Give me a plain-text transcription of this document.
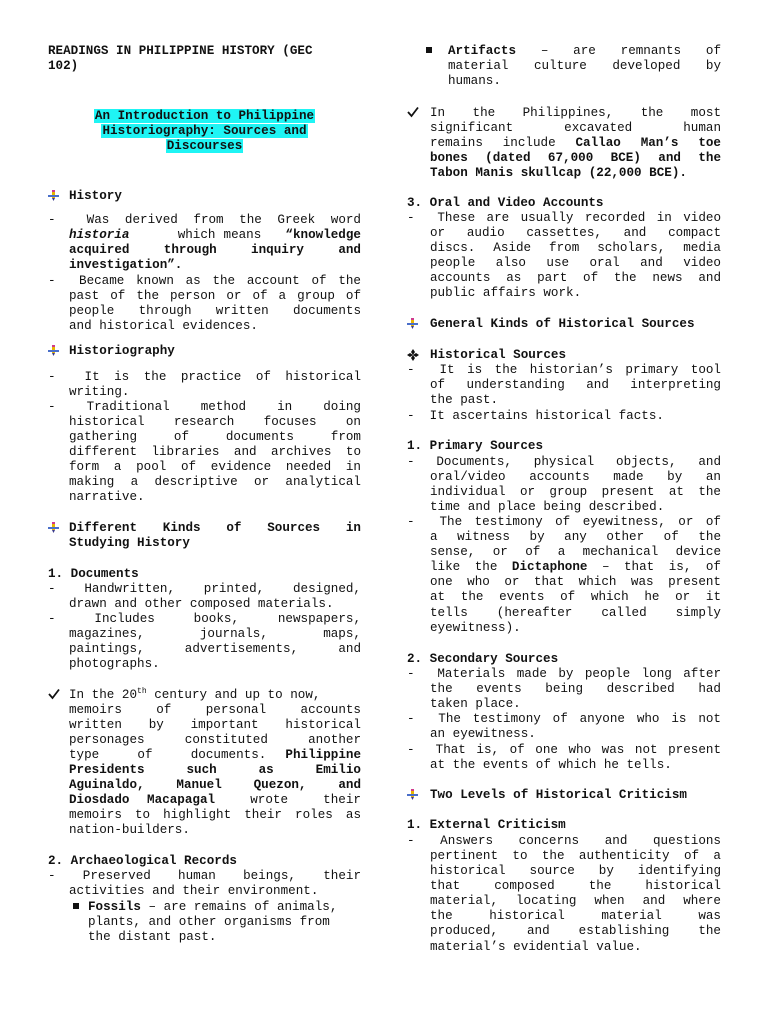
READINGS IN PHILIPPINE HISTORY (GEC
102)
An Introduction to Philippine
Historiography: Sources and
Discourses
History
-  Was derived from the Greek word
historia	which means “knowledge
acquired   through   inquiry   and
investigation”.
-  Became known as the account of the
past of the person or of a group of
people through written documents
and historical evidences.
Historiography
-  It is the practice of historical
writing.
-  Traditional  method  in  doing
historical research focuses on
gathering  of  documents  from
different libraries and archives to
form a pool of evidence needed in
making a descriptive or analytical
narrative.
Different  Kinds  of  Sources  in
Studying History
1. Documents
-  Handwritten,  printed,  designed,
drawn and other composed materials.
-  Includes  books,  newspapers,
magazines,  journals,  maps,
paintings,  advertisements,  and
photographs.
In the 20th century and up to now,
memoirs  of  personal  accounts
written  by  important  historical
personages  constituted  another
type  of  documents. Philippine
Presidents  such  as  Emilio
Aguinaldo,  Manuel  Quezon,  and
Diosdado Macapagal	wrote  their
memoirs to highlight their roles as
nation-builders.
2. Archaeological Records
-  Preserved  human  beings,  their
activities and their environment.
Fossils – are remains of animals,
plants, and other organisms from
the distant past.
Artifacts  –  are  remnants  of
material  culture  developed  by
humans.
In  the  Philippines,  the  most
significant  excavated  human
remains include Callao Man’s toe
bones (dated 67,000 BCE) and the
Tabon Manis skullcap (22,000 BCE).
3. Oral and Video Accounts
-  These are usually recorded in video
or  audio  cassettes,  and  compact
discs. Aside from scholars, media
people also use oral and video
accounts as part of the news and
public affairs work.
General Kinds of Historical Sources
Historical Sources
-  It is the historian’s primary tool
of  understanding  and  interpreting
the past.
-  It ascertains historical facts.
1. Primary Sources
-  Documents,  physical  objects,  and
oral/video  accounts  made  by  an
individual or group present at the
time and place being described.
-  The testimony of eyewitness, or of
a  witness  by  any  other  of  the
sense, or of a mechanical device
like the Dictaphone – that is, of
one who or that which was present
at  the  events  of  which  he  or  it
tells  (hereafter  called  simply
eyewitness).
2. Secondary Sources
-  Materials made by people long after
the  events  being  described  had
taken place.
-  The testimony of anyone who is not
an eyewitness.
-  That is, of one who was not present
at the events of which he tells.
Two Levels of Historical Criticism
1. External Criticism
-  Answers  concerns  and  questions
pertinent to the authenticity of a
historical source by identifying
that  composed  the  historical
material, locating when and where
the  historical  material  was
produced,  and  establishing  the
material’s evidential value.
